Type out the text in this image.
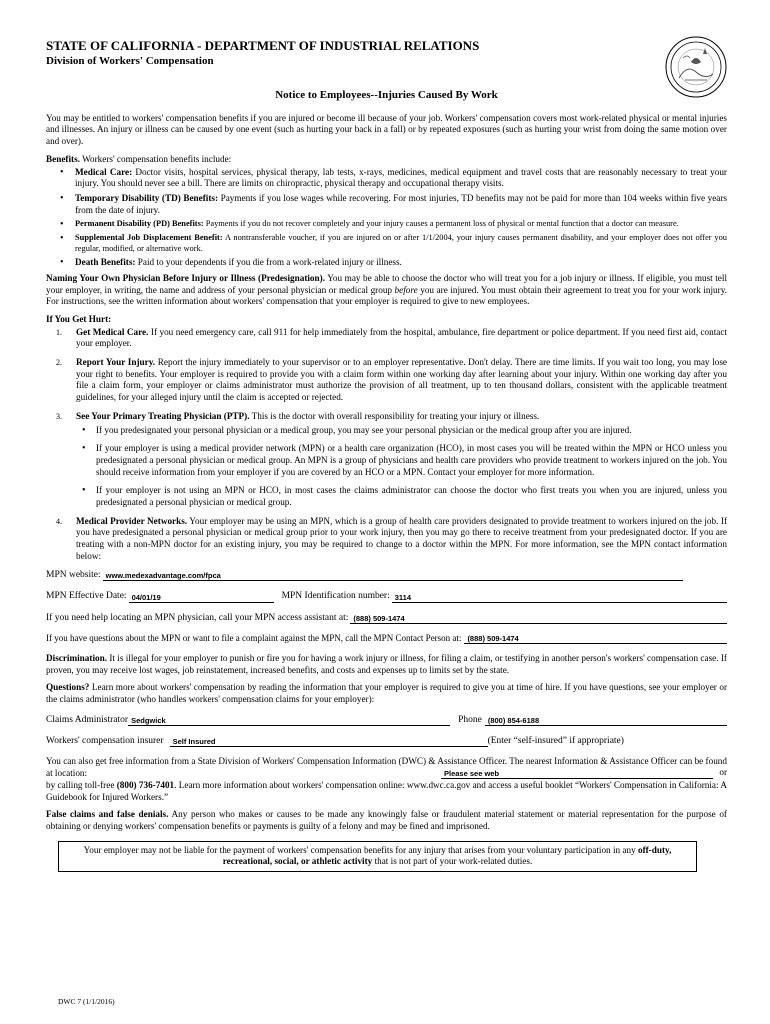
STATE OF CALIFORNIA - DEPARTMENT OF INDUSTRIAL RELATIONS
Division of Workers' Compensation
Notice to Employees--Injuries Caused By Work

You may be entitled to workers' compensation benefits if you are injured or become ill because of your job. Workers' compensation covers most work-related physical or mental injuries and illnesses. An injury or illness can be caused by one event (such as hurting your back in a fall) or by repeated exposures (such as hurting your wrist from doing the same motion over and over).

Benefits. Workers' compensation benefits include:
• Medical Care: Doctor visits, hospital services, physical therapy, lab tests, x-rays, medicines, medical equipment and travel costs that are reasonably necessary to treat your injury. You should never see a bill. There are limits on chiropractic, physical therapy and occupational therapy visits.
• Temporary Disability (TD) Benefits: Payments if you lose wages while recovering. For most injuries, TD benefits may not be paid for more than 104 weeks within five years from the date of injury.
• Permanent Disability (PD) Benefits: Payments if you do not recover completely and your injury causes a permanent loss of physical or mental function that a doctor can measure.
• Supplemental Job Displacement Benefit: A nontransferable voucher, if you are injured on or after 1/1/2004, your injury causes permanent disability, and your employer does not offer you regular, modified, or alternative work.
• Death Benefits: Paid to your dependents if you die from a work-related injury or illness.

Naming Your Own Physician Before Injury or Illness (Predesignation). You may be able to choose the doctor who will treat you for a job injury or illness. If eligible, you must tell your employer, in writing, the name and address of your personal physician or medical group before you are injured. You must obtain their agreement to treat you for your work injury. For instructions, see the written information about workers' compensation that your employer is required to give to new employees.

If You Get Hurt:
1. Get Medical Care. If you need emergency care, call 911 for help immediately from the hospital, ambulance, fire department or police department. If you need first aid, contact your employer.
2. Report Your Injury. Report the injury immediately to your supervisor or to an employer representative. Don't delay. There are time limits. If you wait too long, you may lose your right to benefits. Your employer is required to provide you with a claim form within one working day after learning about your injury. Within one working day after you file a claim form, your employer or claims administrator must authorize the provision of all treatment, up to ten thousand dollars, consistent with the applicable treatment guidelines, for your alleged injury until the claim is accepted or rejected.
3. See Your Primary Treating Physician (PTP). This is the doctor with overall responsibility for treating your injury or illness.
• If you predesignated your personal physician or a medical group, you may see your personal physician or the medical group after you are injured.
• If your employer is using a medical provider network (MPN) or a health care organization (HCO), in most cases you will be treated within the MPN or HCO unless you predesignated a personal physician or medical group. An MPN is a group of physicians and health care providers who provide treatment to workers injured on the job. You should receive information from your employer if you are covered by an HCO or a MPN. Contact your employer for more information.
• If your employer is not using an MPN or HCO, in most cases the claims administrator can choose the doctor who first treats you when you are injured, unless you predesignated a personal physician or medical group.
4. Medical Provider Networks. Your employer may be using an MPN, which is a group of health care providers designated to provide treatment to workers injured on the job. If you have predesignated a personal physician or medical group prior to your work injury, then you may go there to receive treatment from your predesignated doctor. If you are treating with a non-MPN doctor for an existing injury, you may be required to change to a doctor within the MPN. For more information, see the MPN contact information below:
MPN website: www.medexadvantage.com/fpca
MPN Effective Date: 04/01/19	MPN Identification number: 3114
If you need help locating an MPN physician, call your MPN access assistant at: (888) 509-1474
If you have questions about the MPN or want to file a complaint against the MPN, call the MPN Contact Person at: (888) 509-1474

Discrimination. It is illegal for your employer to punish or fire you for having a work injury or illness, for filing a claim, or testifying in another person's workers' compensation case. If proven, you may receive lost wages, job reinstatement, increased benefits, and costs and expenses up to limits set by the state.

Questions? Learn more about workers' compensation by reading the information that your employer is required to give you at time of hire. If you have questions, see your employer or the claims administrator (who handles workers' compensation claims for your employer):

Claims Administrator Sedgwick	Phone (800) 854-6188
Workers' compensation insurer	Self Insured	(Enter “self-insured” if appropriate)
You can also get free information from a State Division of Workers' Compensation Information (DWC) & Assistance Officer. The nearest Information & Assistance Officer can be found at location:	Please see web	or
by calling toll-free (800) 736-7401. Learn more information about workers' compensation online: www.dwc.ca.gov and access a useful booklet “Workers' Compensation in California: A Guidebook for Injured Workers.”

False claims and false denials. Any person who makes or causes to be made any knowingly false or fraudulent material statement or material representation for the purpose of obtaining or denying workers' compensation benefits or payments is guilty of a felony and may be fined and imprisoned.

Your employer may not be liable for the payment of workers' compensation benefits for any injury that arises from your voluntary participation in any off-duty, recreational, social, or athletic activity that is not part of your work-related duties.
DWC 7 (1/1/2016)
